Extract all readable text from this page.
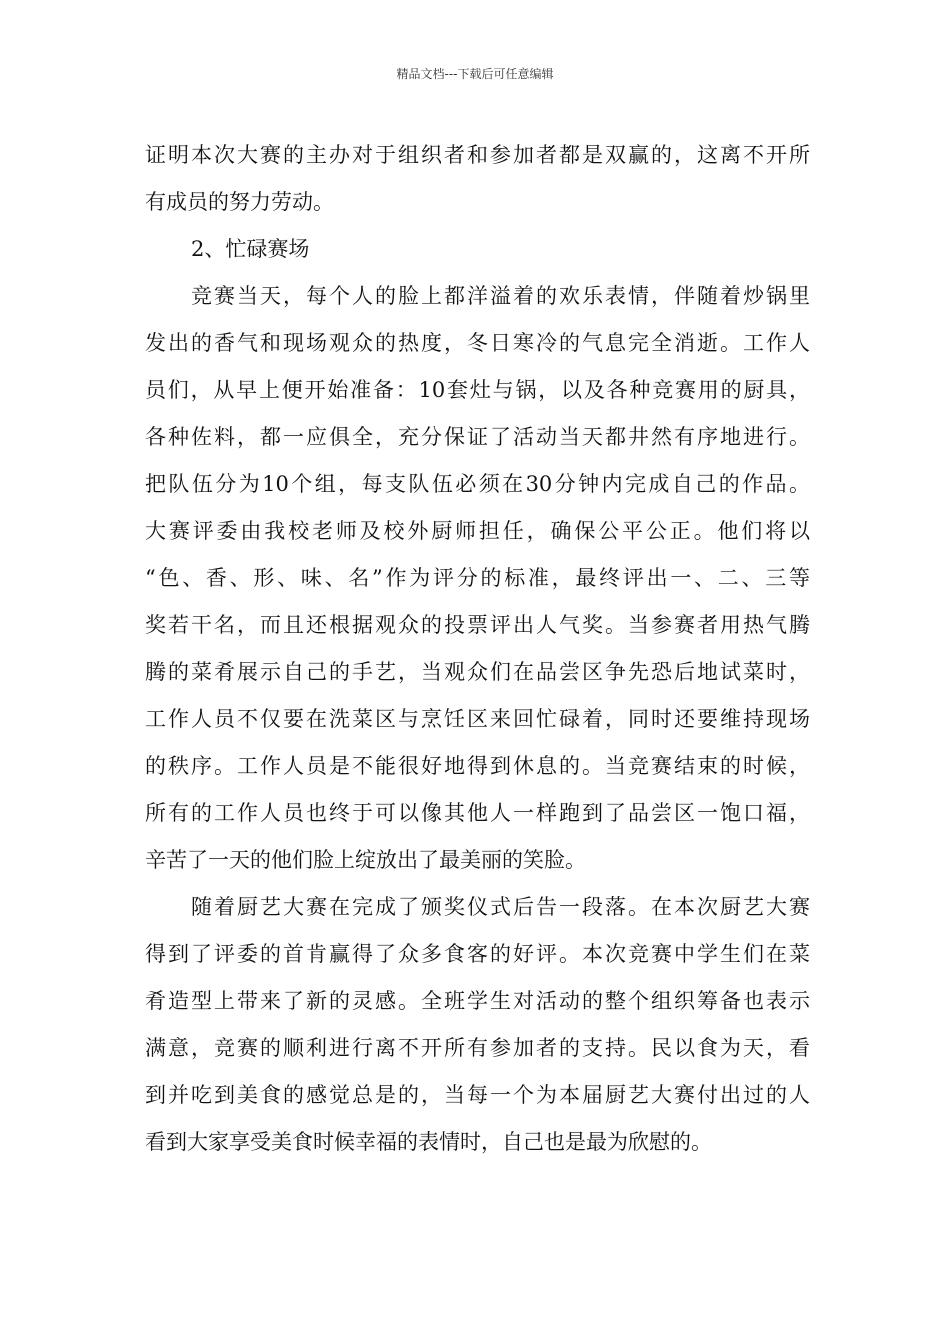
精品文档---下载后可任意编辑
证明本次大赛的主办对于组织者和参加者都是双赢的，这离不开所
有成员的努力劳动。
2、忙碌赛场
竞赛当天，每个人的脸上都洋溢着的欢乐表情，伴随着炒锅里
发出的香气和现场观众的热度，冬日寒冷的气息完全消逝。工作人
员们，从早上便开始准备：10套灶与锅，以及各种竞赛用的厨具，
各种佐料，都一应俱全，充分保证了活动当天都井然有序地进行。
把队伍分为10个组，每支队伍必须在30分钟内完成自己的作品。
大赛评委由我校老师及校外厨师担任，确保公平公正。他们将以
“色、香、形、味、名”作为评分的标准，最终评出一、二、三等
奖若干名，而且还根据观众的投票评出人气奖。当参赛者用热气腾
腾的菜肴展示自己的手艺，当观众们在品尝区争先恐后地试菜时，
工作人员不仅要在洗菜区与烹饪区来回忙碌着，同时还要维持现场
的秩序。工作人员是不能很好地得到休息的。当竞赛结束的时候，
所有的工作人员也终于可以像其他人一样跑到了品尝区一饱口福，
辛苦了一天的他们脸上绽放出了最美丽的笑脸。
随着厨艺大赛在完成了颁奖仪式后告一段落。在本次厨艺大赛
得到了评委的首肯赢得了众多食客的好评。本次竞赛中学生们在菜
肴造型上带来了新的灵感。全班学生对活动的整个组织筹备也表示
满意，竞赛的顺利进行离不开所有参加者的支持。民以食为天，看
到并吃到美食的感觉总是的，当每一个为本届厨艺大赛付出过的人
看到大家享受美食时候幸福的表情时，自己也是最为欣慰的。
